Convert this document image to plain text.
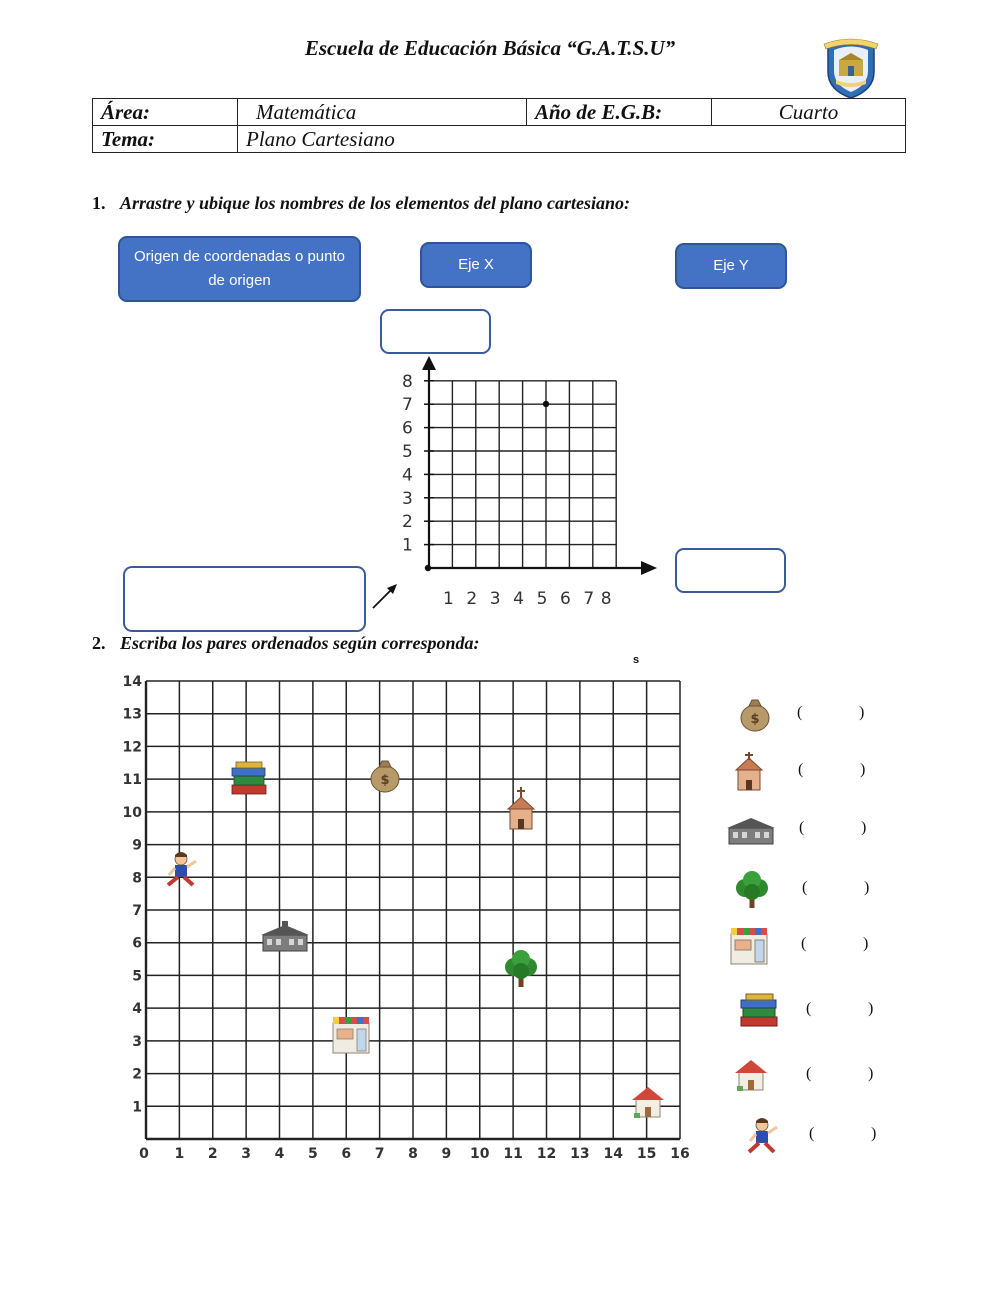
Escuela de Educación Básica “G.A.T.S.U”
Área:	Matemática	Año de E.G.B:	Cuarto
Tema:	Plano Cartesiano		
1. Arrastre y ubique los nombres de los elementos del plano cartesiano:
Origen de coordenadas o punto de origen
Eje X	Eje Y
1
2
3
4
5
6
7
8
1 2 3 4 5 6 7 8
2. Escriba los pares ordenados según corresponda:
s
1
2
3
4
5
6
7
8
9
10
11
12
13
14
0 1 2 3 4 5 6 7 8 9 10 11 12 13 14 15 16
$
$ (	)
(	)
(	)
(	)
(	)
(	)
(	)
(	)
